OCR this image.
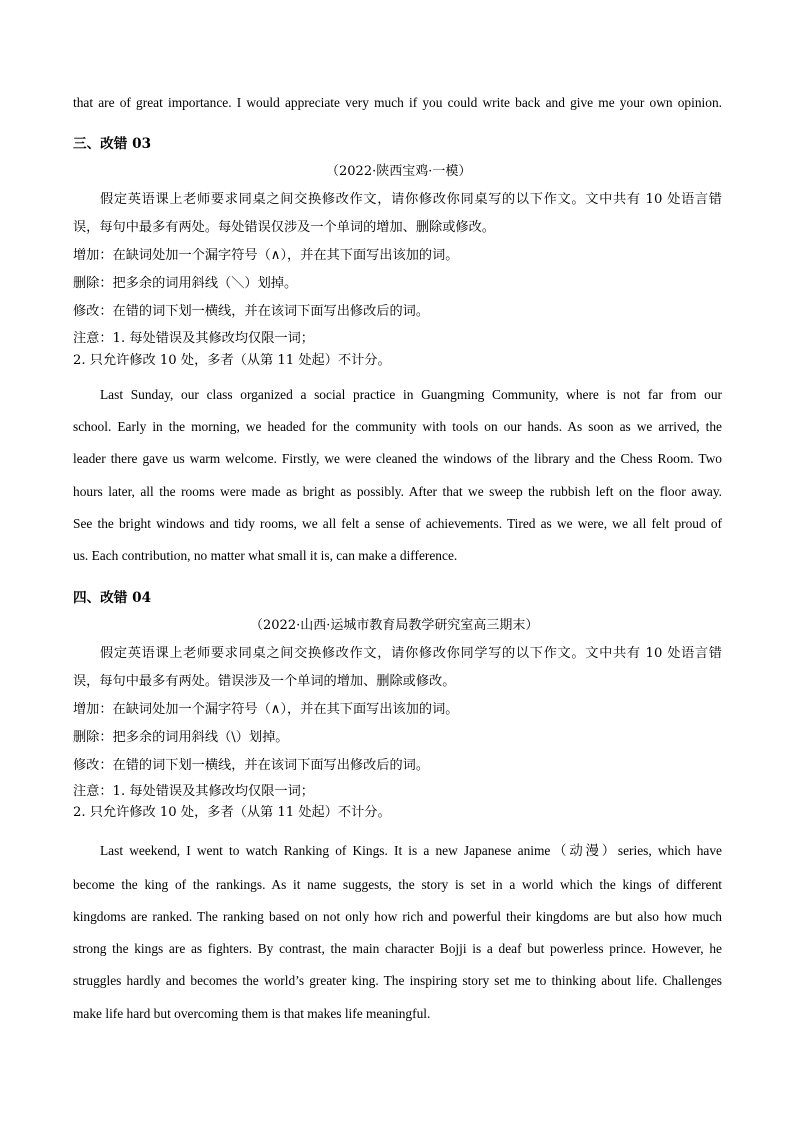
that are of great importance. I would appreciate very much if you could write back and give me your own opinion.
三、改错 03
（2022·陕西宝鸡·一模）
假定英语课上老师要求同桌之间交换修改作文，请你修改你同桌写的以下作文。文中共有 10 处语言错
误，每句中最多有两处。每处错误仅涉及一个单词的增加、删除或修改。
增加：在缺词处加一个漏字符号（∧），并在其下面写出该加的词。
删除：把多余的词用斜线（＼）划掉。
修改：在错的词下划一横线，并在该词下面写出修改后的词。
注意：1. 每处错误及其修改均仅限一词；
2. 只允许修改 10 处，多者（从第 11 处起）不计分。
Last Sunday, our class organized a social practice in Guangming Community, where is not far from our
school. Early in the morning, we headed for the community with tools on our hands. As soon as we arrived, the
leader there gave us warm welcome. Firstly, we were cleaned the windows of the library and the Chess Room. Two
hours later, all the rooms were made as bright as possibly. After that we sweep the rubbish left on the floor away.
See the bright windows and tidy rooms, we all felt a sense of achievements. Tired as we were, we all felt proud of
us. Each contribution, no matter what small it is, can make a difference.
四、改错 04
（2022·山西·运城市教育局教学研究室高三期末）
假定英语课上老师要求同桌之间交换修改作文，请你修改你同学写的以下作文。文中共有 10 处语言错
误，每句中最多有两处。错误涉及一个单词的增加、删除或修改。
增加：在缺词处加一个漏字符号（∧），并在其下面写出该加的词。
删除：把多余的词用斜线（\）划掉。
修改：在错的词下划一横线，并在该词下面写出修改后的词。
注意：1. 每处错误及其修改均仅限一词；
2. 只允许修改 10 处，多者（从第 11 处起）不计分。
Last weekend, I went to watch Ranking of Kings. It is a new Japanese anime（动漫）series, which have
become the king of the rankings. As it name suggests, the story is set in a world which the kings of different
kingdoms are ranked. The ranking based on not only how rich and powerful their kingdoms are but also how much
strong the kings are as fighters. By contrast, the main character Bojji is a deaf but powerless prince. However, he
struggles hardly and becomes the world’s greater king. The inspiring story set me to thinking about life. Challenges
make life hard but overcoming them is that makes life meaningful.
